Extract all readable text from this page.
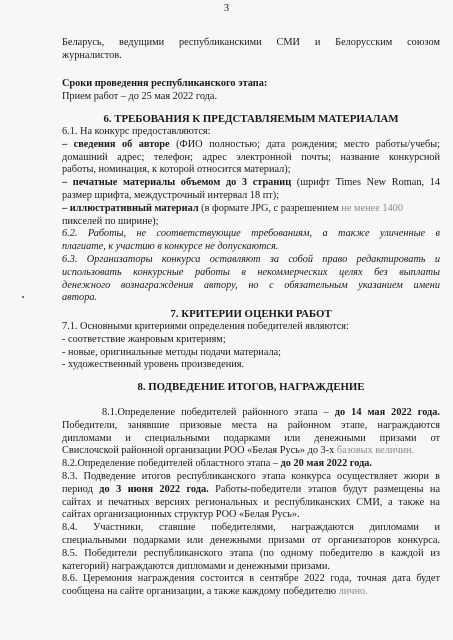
3
Беларусь, ведущими республиканскими СМИ и Белорусским союзом
журналистов.
Сроки проведения республиканского этапа:
Прием работ – до 25 мая 2022 года.
6. ТРЕБОВАНИЯ К ПРЕДСТАВЛЯЕМЫМ МАТЕРИАЛАМ
6.1. На конкурс предоставляются:
– сведения об авторе (ФИО полностью; дата рождения; место работы/учебы;
домашний адрес; телефон; адрес электронной почты; название конкурсной
работы, номинация, к которой относится материал);
– печатные материалы объемом до 3 страниц (шрифт Times New Roman, 14
размер шрифта, междустрочный интервал 18 пт);
– иллюстративный материал (в формате JPG, с разрешением не менее 1400
пикселей по ширине);
6.2. Работы, не соответствующие требованиям, а также уличенные в
плагиате, к участию в конкурсе не допускаются.
6.3. Организаторы конкурса оставляют за собой право редактировать и
использовать конкурсные работы в некоммерческих целях без выплаты
денежного вознаграждения автору, но с обязательным указанием имени
автора.
7. КРИТЕРИИ ОЦЕНКИ РАБОТ
7.1. Основными критериями определения победителей являются:
- соответствие жанровым критериям;
- новые, оригинальные методы подачи материала;
- художественный уровень произведения.
8. ПОДВЕДЕНИЕ ИТОГОВ, НАГРАЖДЕНИЕ
8.1.Определение победителей районного этапа – до 14 мая 2022 года.
Победители, занявшие призовые места на районном этапе, награждаются
дипломами и специальными подарками или денежными призами от
Свислочской районной организации РОО «Белая Русь» до 3-х базовых величин.
8.2.Определение победителей областного этапа – до 20 мая 2022 года.
8.3. Подведение итогов республиканского этапа конкурса осуществляет жюри в
период до 3 июня 2022 года. Работы-победители этапов будут размещены на
сайтах и печатных версиях региональных и республиканских СМИ, а также на
сайтах организационных структур РОО «Белая Русь».
8.4. Участники, ставшие победителями, награждаются дипломами и
специальными подарками или денежными призами от организаторов конкурса.
8.5. Победители республиканского этапа (по одному победителю в каждой из
категорий) награждаются дипломами и денежными призами.
8.6. Церемония награждения состоится в сентябре 2022 года, точная дата будет
сообщена на сайте организации, а также каждому победителю лично.
